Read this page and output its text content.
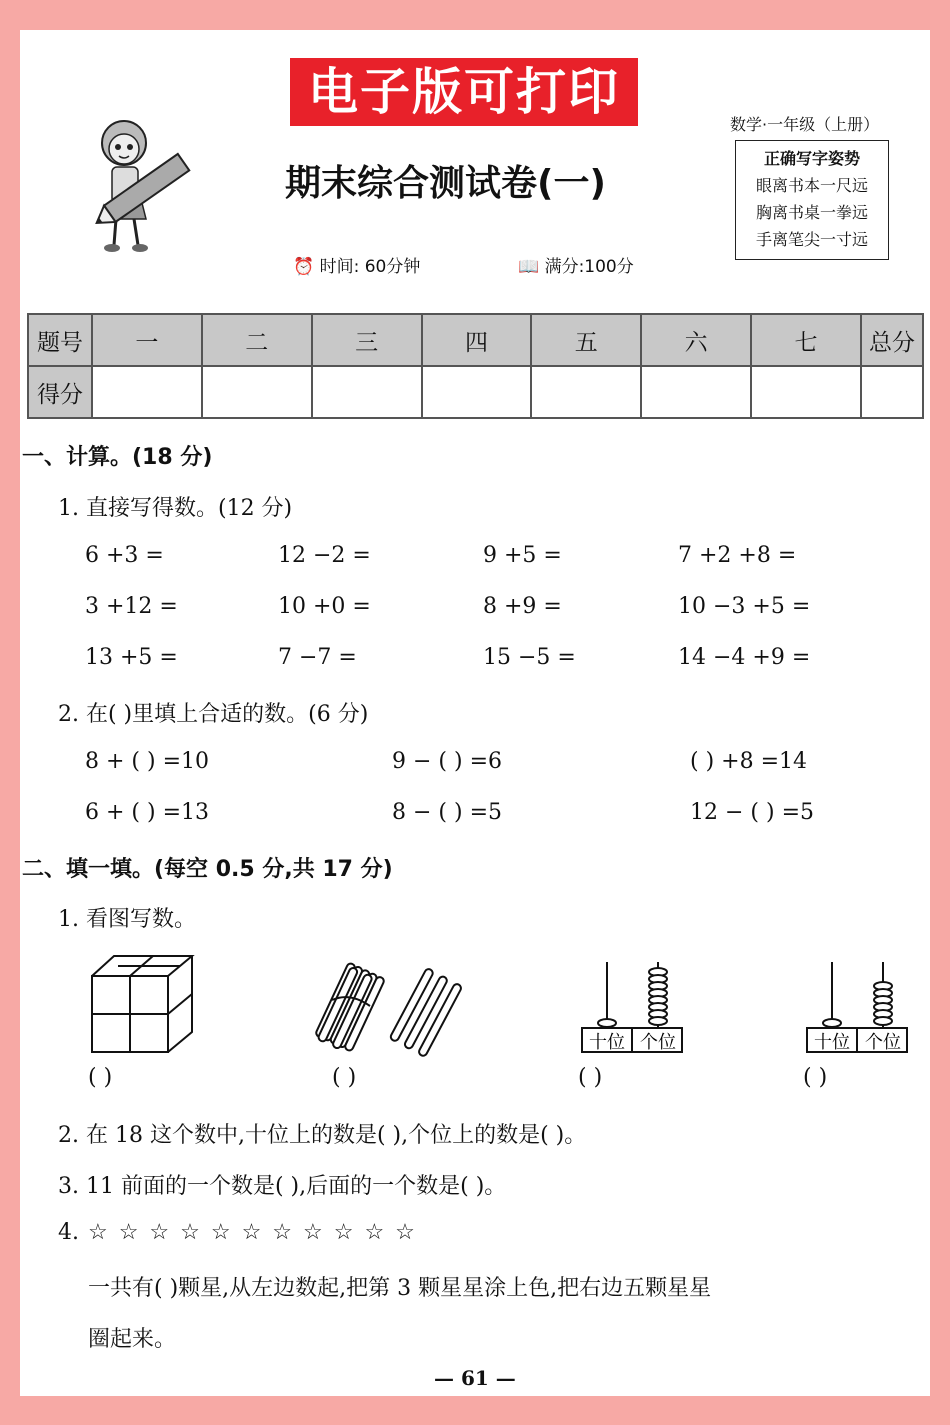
电子版可打印
数学·一年级（上册）
正确写字姿势
眼离书本一尺远
胸离书桌一拳远
手离笔尖一寸远
期末综合测试卷(一)
⏰ 时间: 60分钟	📖 满分:100分
题号	一	二	三	四	五	六	七	总分
得分								
一、计算。(18 分)
1. 直接写得数。(12 分)
6 +3 =	12 −2 =	9 +5 =	7 +2 +8 =
3 +12 =	10 +0 =	8 +9 =	10 −3 +5 =
13 +5 =	7 −7 =	15 −5 =	14 −4 +9 =
2. 在( )里填上合适的数。(6 分)
8 + ( ) =10	9 − ( ) =6	( ) +8 =14
6 + ( ) =13	8 − ( ) =5	12 − ( ) =5
二、填一填。(每空 0.5 分,共 17 分)
1. 看图写数。
十位 个位	十位 个位
( )	( )	( )	( )
2. 在 18 这个数中,十位上的数是( ),个位上的数是( )。
3. 11 前面的一个数是( ),后面的一个数是( )。
4. ☆ ☆ ☆ ☆ ☆ ☆ ☆ ☆ ☆ ☆ ☆
一共有( )颗星,从左边数起,把第 3 颗星星涂上色,把右边五颗星星
圈起来。
— 61 —
